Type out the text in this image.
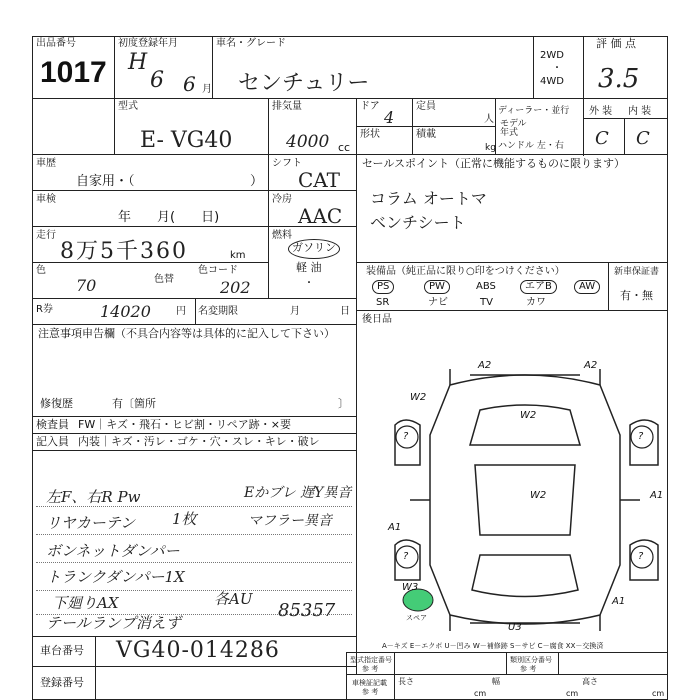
出品番号
1017
初度登録年月
H
6 6 月
車名・グレード
センチュリー
2WD
・
4WD
評 価 点
3.5
型式
E- VG40
排気量
4000 cc
ドア
4
定員
人
形状	積載
kg
ディーラー・並行
モデル年式
ハンドル 左・右
外 装 内 装
C C
車歴
自家用・（	）
車検
年　　月(　　日)
走行
8万5千360	km
色
70	色替
色コード
202
シフト
CAT
冷房
AAC
燃料
ガソリン
軽 油
・
R券	14020	円 名変期限	月	日
セールスポイント（正常に機能するものに限ります）
コラム オートマ
ベンチシート
装備品（純正品に限り○印をつけください）	新車保証書
有・無
PS	PW	ABS	エアB	AW
SR	ナビ	TV	カワ
後日品
注意事項申告欄（不具合内容等は具体的に記入して下さい）
修復歴	有〔箇所	〕
検査員 FW｜キズ・飛石・ヒビ割・リペア跡・×要
記入員 内装｜キズ・汚レ・ゴケ・穴・スレ・キレ・破レ
左F、右R Pw	Eかブレ 遅Y異音
リヤカーテン 1枚	マフラー異音
ボンネットダンパー
トランクダンパー1X
下廻りAX	各AU
テールランプ消えず
85357
A2	A2
W2
W2
W2
?	?
?	?
A1
A1
W3
U3
A1
スペア
A－キズ E－エクボ U－凹み W－補修跡 S－サビ C－腐食 XX－交換済
車台番号 VG40-014286
登録番号
型式指定番号
参 考
類別区分番号
参 考
車検証記載
参 考
長さ
cm
幅
cm
高さ
cm
